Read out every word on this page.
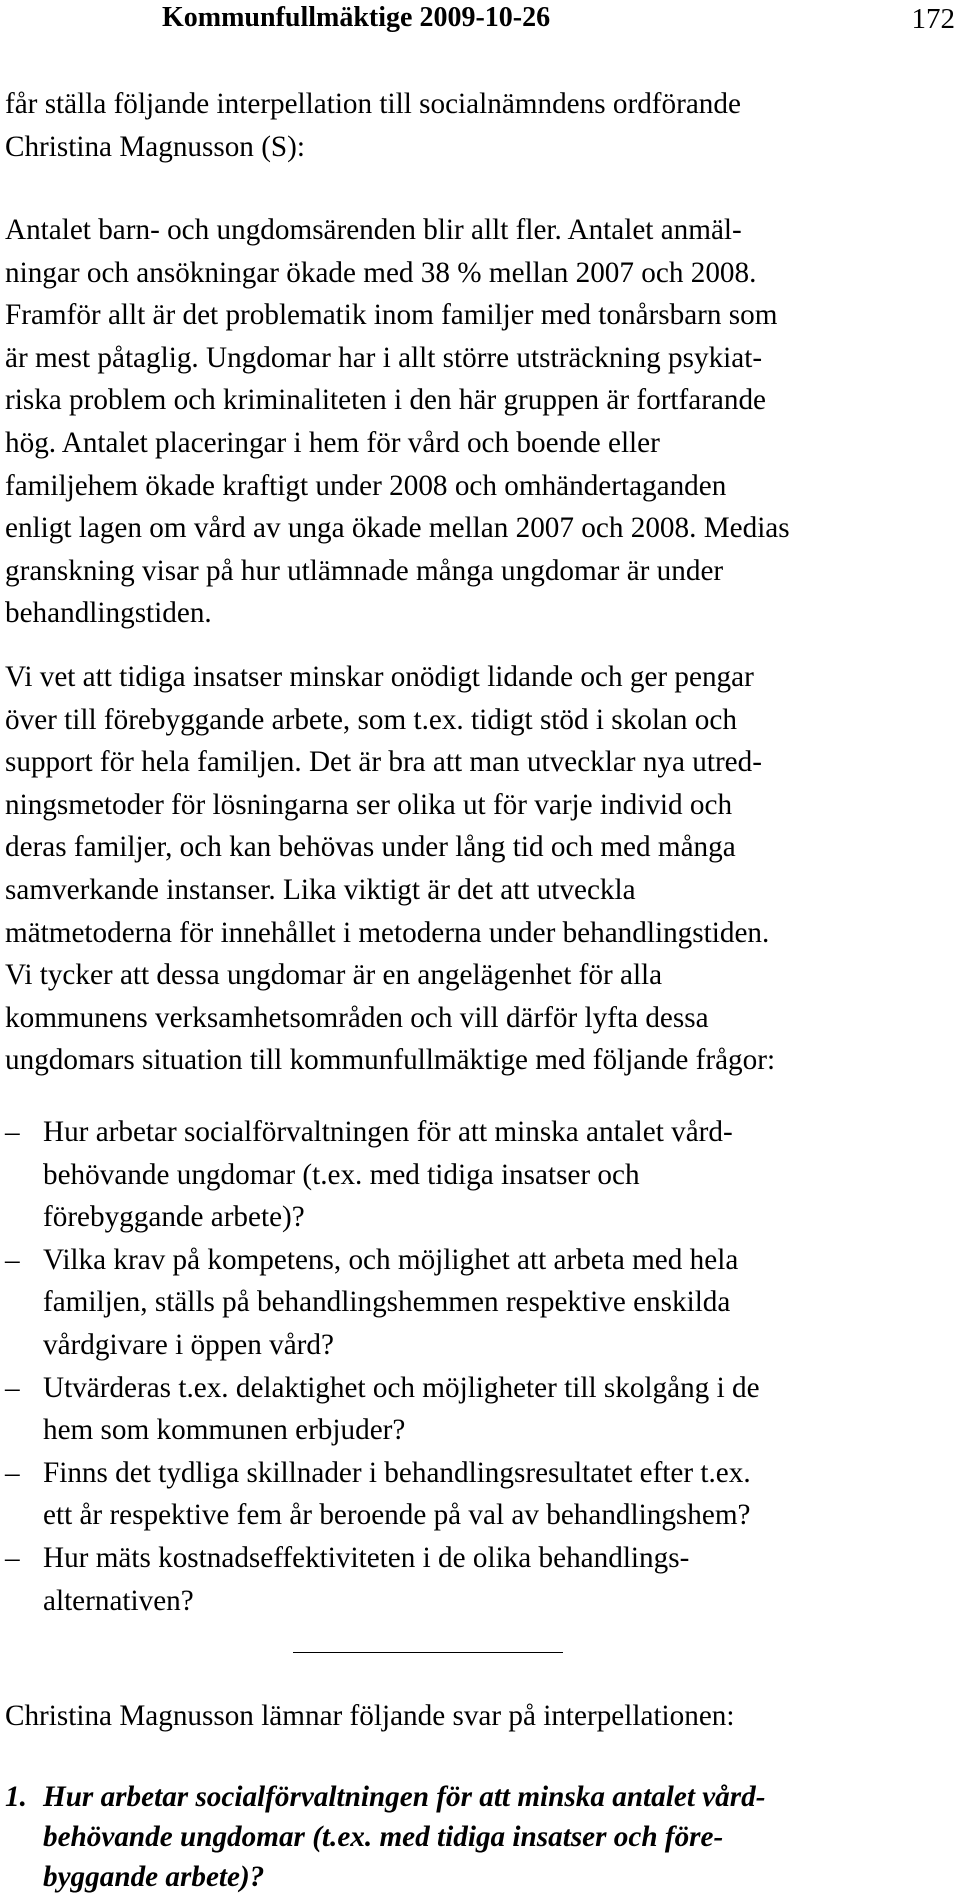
Kommunfullmäktige 2009-10-26	172

får ställa följande interpellation till socialnämndens ordförande
Christina Magnusson (S):

Antalet barn- och ungdomsärenden blir allt fler. Antalet anmäl-
ningar och ansökningar ökade med 38 % mellan 2007 och 2008.
Framför allt är det problematik inom familjer med tonårsbarn som
är mest påtaglig. Ungdomar har i allt större utsträckning psykiat-
riska problem och kriminaliteten i den här gruppen är fortfarande
hög. Antalet placeringar i hem för vård och boende eller
familjehem ökade kraftigt under 2008 och omhändertaganden
enligt lagen om vård av unga ökade mellan 2007 och 2008. Medias
granskning visar på hur utlämnade många ungdomar är under
behandlingstiden.

Vi vet att tidiga insatser minskar onödigt lidande och ger pengar
över till förebyggande arbete, som t.ex. tidigt stöd i skolan och
support för hela familjen. Det är bra att man utvecklar nya utred-
ningsmetoder för lösningarna ser olika ut för varje individ och
deras familjer, och kan behövas under lång tid och med många
samverkande instanser. Lika viktigt är det att utveckla
mätmetoderna för innehållet i metoderna under behandlingstiden.
Vi tycker att dessa ungdomar är en angelägenhet för alla
kommunens verksamhetsområden och vill därför lyfta dessa
ungdomars situation till kommunfullmäktige med följande frågor:

– Hur arbetar socialförvaltningen för att minska antalet vård-
behövande ungdomar (t.ex. med tidiga insatser och
förebyggande arbete)?
– Vilka krav på kompetens, och möjlighet att arbeta med hela
familjen, ställs på behandlingshemmen respektive enskilda
vårdgivare i öppen vård?
– Utvärderas t.ex. delaktighet och möjligheter till skolgång i de
hem som kommunen erbjuder?
– Finns det tydliga skillnader i behandlingsresultatet efter t.ex.
ett år respektive fem år beroende på val av behandlingshem?
– Hur mäts kostnadseffektiviteten i de olika behandlings-
alternativen?

Christina Magnusson lämnar följande svar på interpellationen:

1. Hur arbetar socialförvaltningen för att minska antalet vård-
behövande ungdomar (t.ex. med tidiga insatser och före-
byggande arbete)?
